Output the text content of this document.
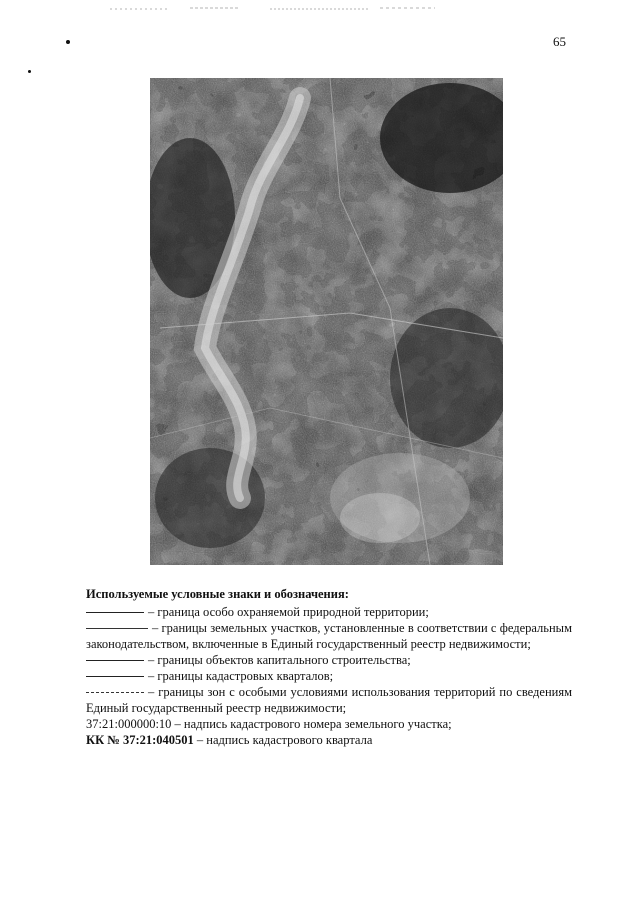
65
Используемые условные знаки и обозначения:
– граница особо охраняемой природной территории;
– границы земельных участков, установленные в соответствии с федеральным законодательством, включенные в Единый государственный реестр недвижимости;
– границы объектов капитального строительства;
– границы кадастровых кварталов;
– границы зон с особыми условиями использования территорий по сведениям Единый государственный реестр недвижимости;
37:21:000000:10 – надпись кадастрового номера земельного участка;
КК № 37:21:040501 – надпись кадастрового квартала
